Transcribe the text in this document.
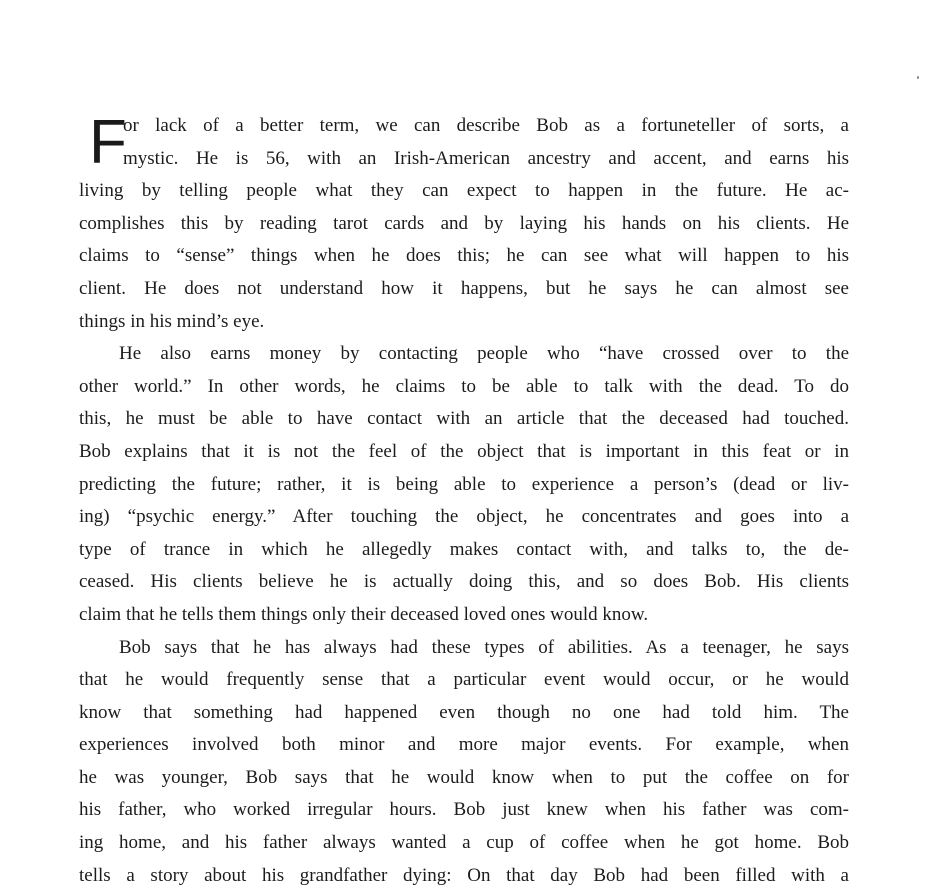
F
or lack of a better term, we can describe Bob as a fortuneteller of sorts, a
mystic. He is 56, with an Irish-American ancestry and accent, and earns his
living by telling people what they can expect to happen in the future. He ac-
complishes this by reading tarot cards and by laying his hands on his clients. He
claims to “sense” things when he does this; he can see what will happen to his
client. He does not understand how it happens, but he says he can almost see
things in his mind’s eye.
He also earns money by contacting people who “have crossed over to the
other world.” In other words, he claims to be able to talk with the dead. To do
this, he must be able to have contact with an article that the deceased had touched.
Bob explains that it is not the feel of the object that is important in this feat or in
predicting the future; rather, it is being able to experience a person’s (dead or liv-
ing) “psychic energy.” After touching the object, he concentrates and goes into a
type of trance in which he allegedly makes contact with, and talks to, the de-
ceased. His clients believe he is actually doing this, and so does Bob. His clients
claim that he tells them things only their deceased loved ones would know.
Bob says that he has always had these types of abilities. As a teenager, he says
that he would frequently sense that a particular event would occur, or he would
know that something had happened even though no one had told him. The
experiences involved both minor and more major events. For example, when
he was younger, Bob says that he would know when to put the coffee on for
his father, who worked irregular hours. Bob just knew when his father was com-
ing home, and his father always wanted a cup of coffee when he got home. Bob
tells a story about his grandfather dying: On that day Bob had been filled with a
